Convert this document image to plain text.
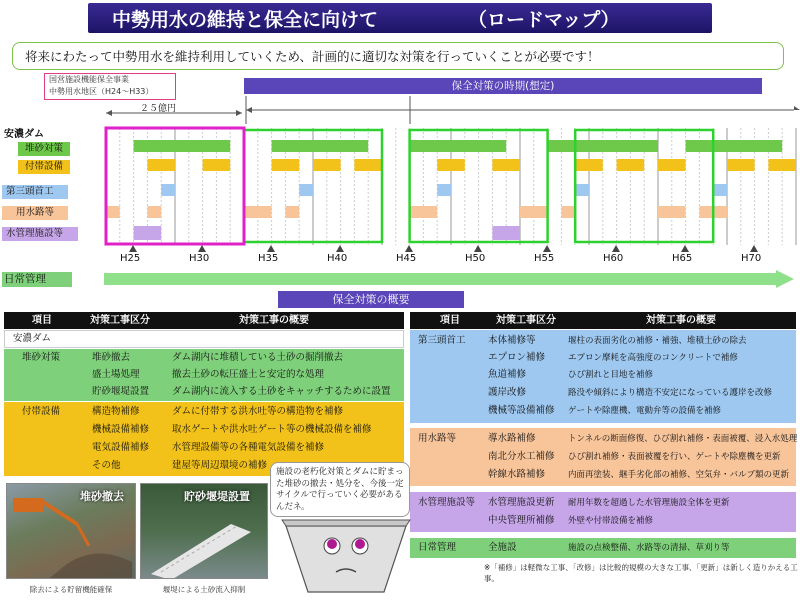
中勢用水の維持と保全に向けて	（ロードマップ）
将来にわたって中勢用水を維持利用していくため、計画的に適切な対策を行っていくことが必要です！
国営施設機能保全事業
中勢用水地区（H24〜H33）
２５億円
保全対策の時期(想定)
安濃ダム
堆砂対策
付帯設備
第三頭首工
用水路等
水管理施設等
H25	H30	H35	H40	H45	H50	H55	H60	H65	H70
日常管理
保全対策の概要
項目	対策工事区分	対策工事の概要
安濃ダム
堆砂対策	堆砂撤去	ダム湖内に堆積している土砂の掘削撤去
盛土場処理	撤去土砂の転圧盛土と安定的な処理
貯砂堰堤設置 ダム湖内に流入する土砂をキャッチするために設置
付帯設備	構造物補修	ダムに付帯する洪水吐等の構造物を補修
機械設備補修 取水ゲートや洪水吐ゲート等の機械設備を補修
電気設備補修 水管理設備等の各種電気設備を補修
その他	建屋等周辺環境の補修
項目	対策工事区分	対策工事の概要
第三頭首工 本体補修等	堰柱の表面劣化の補修・補強、堆積土砂の除去
エプロン補修	エプロン摩耗を高強度のコンクリートで補修
魚道補修	ひび割れと目地を補修
護岸改修	路没や傾斜により構造不安定になっている護岸を改修
機械等設備補修 ゲートや除塵機、電動弁等の設備を補修
用水路等	導水路補修	トンネルの断面修復、ひび割れ補修・表面被覆、浸入水処理
南北分水工補修 ひび割れ補修・表面被覆を行い、ゲートや除塵機を更新
幹線水路補修	内面再塗装、継手劣化部の補修、空気弁・バルブ類の更新
水管理施設等 水管理施設更新 耐用年数を超過した水管理施設全体を更新
中央管理所補修 外壁や付帯設備を補修
日常管理	全施設	施設の点検整備、水路等の清掃、草刈り等
堆砂撤去
除去による貯留機能確保
貯砂堰堤設置
堰堤による土砂流入抑制
施設の老朽化対策とダムに貯まった堆砂の撤去・処分を、今後一定サイクルで行っていく必要があるんだネ。
※「補修」は軽微な工事、「改修」は比較的規模の大きな工事、「更新」は新しく造りかえる工事。
